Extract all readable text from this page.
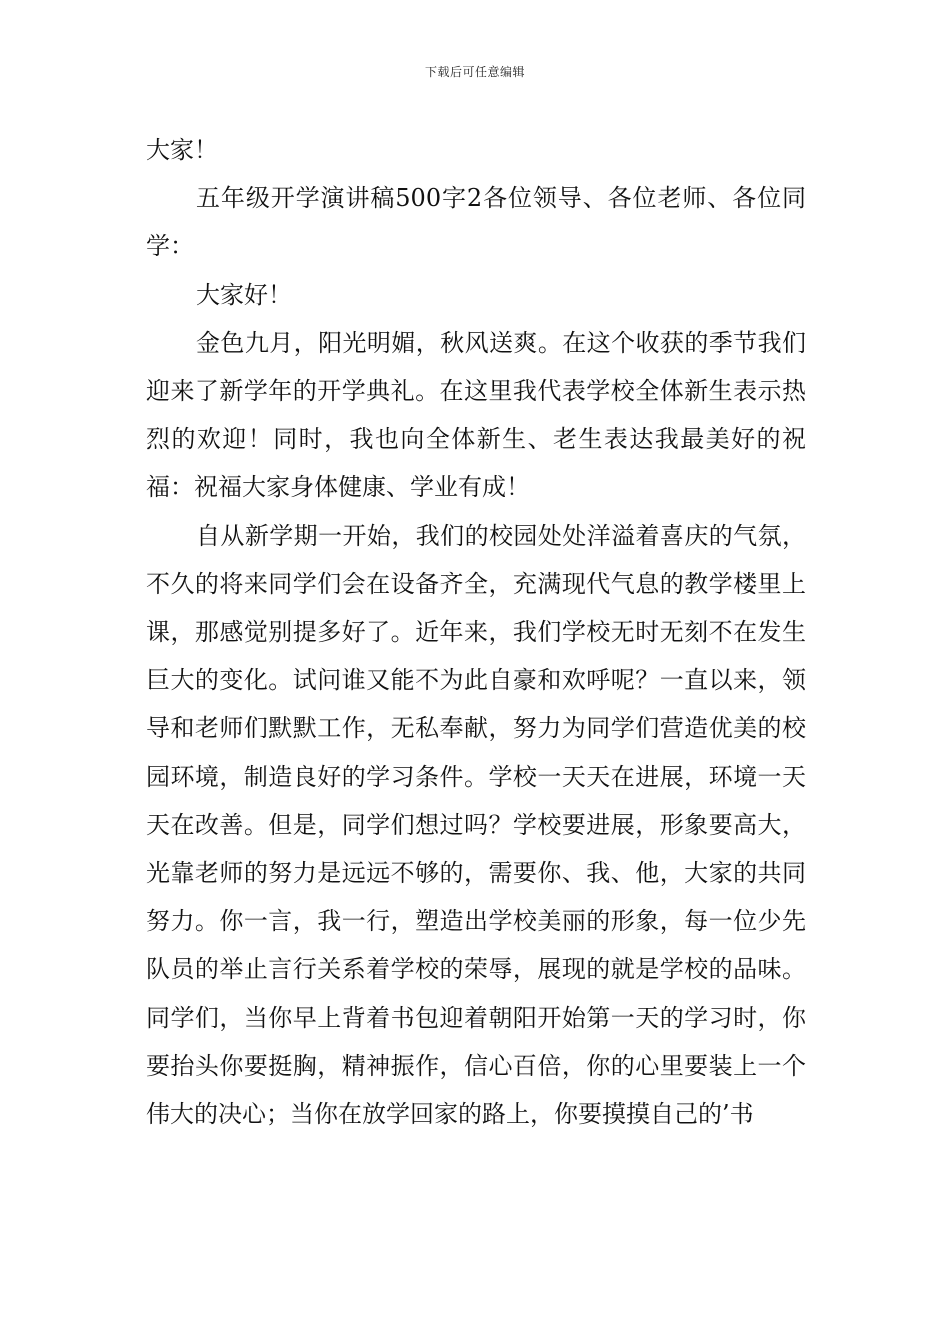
下载后可任意编辑

大家！

五年级开学演讲稿500字2各位领导、各位老师、各位同学：

大家好！

金色九月，阳光明媚，秋风送爽。在这个收获的季节我们迎来了新学年的开学典礼。在这里我代表学校全体新生表示热烈的欢迎！同时，我也向全体新生、老生表达我最美好的祝福：祝福大家身体健康、学业有成！

自从新学期一开始，我们的校园处处洋溢着喜庆的气氛，不久的将来同学们会在设备齐全，充满现代气息的教学楼里上课，那感觉别提多好了。近年来，我们学校无时无刻不在发生巨大的变化。试问谁又能不为此自豪和欢呼呢？一直以来，领导和老师们默默工作，无私奉献，努力为同学们营造优美的校园环境，制造良好的学习条件。学校一天天在进展，环境一天天在改善。但是，同学们想过吗？学校要进展，形象要高大，光靠老师的努力是远远不够的，需要你、我、他，大家的共同努力。你一言，我一行，塑造出学校美丽的形象，每一位少先队员的举止言行关系着学校的荣辱，展现的就是学校的品味。同学们，当你早上背着书包迎着朝阳开始第一天的学习时，你要抬头你要挺胸，精神振作，信心百倍，你的心里要装上一个伟大的决心；当你在放学回家的路上，你要摸摸自己的’书
